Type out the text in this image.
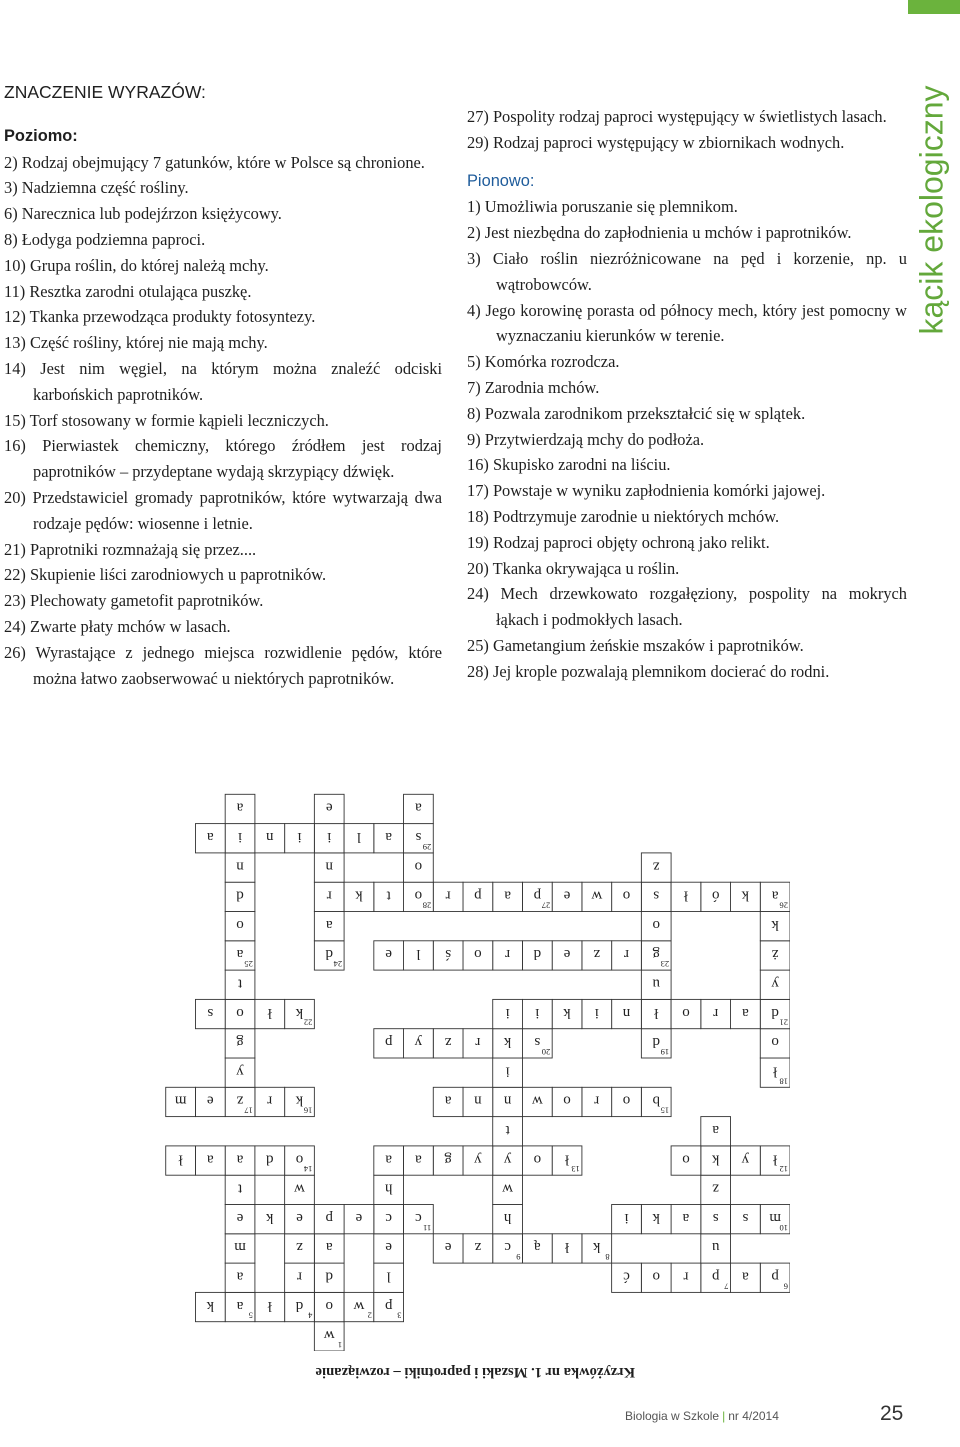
kącik ekologiczny
ZNACZENIE WYRAZÓW:
Poziomo:

2) Rodzaj obejmujący 7 gatunków, które w Polsce są chronione.

3) Nadziemna część rośliny.

6) Narecznica lub podejźrzon księżycowy.

8) Łodyga podziemna paproci.

10) Grupa roślin, do której należą mchy.

11) Resztka zarodni otulająca puszkę.

12) Tkanka przewodząca produkty fotosyntezy.

13) Część rośliny, której nie mają mchy.

14) Jest nim węgiel, na którym można znaleźć odciski karbońskich paprotników.

15) Torf stosowany w formie kąpieli leczniczych.

16) Pierwiastek chemiczny, którego źródłem jest rodzaj paprotników – przydeptane wydają skrzypiący dźwięk.

20) Przedstawiciel gromady paprotników, które wytwarzają dwa rodzaje pędów: wiosenne i letnie.

21) Paprotniki rozmnażają się przez....

22) Skupienie liści zarodniowych u paprotników.

23) Plechowaty gametofit paprotników.

24) Zwarte płaty mchów w lasach.

26) Wyrastające z jednego miejsca rozwidlenie pędów, które można łatwo zaobserwować u niektórych paprotników.

27) Pospolity rodzaj paproci występujący w świetlistych lasach.

29) Rodzaj paproci występujący w zbiornikach wodnych.

Pionowo:

1) Umożliwia poruszanie się plemnikom.

2) Jest niezbędna do zapłodnienia u mchów i paprotników.

3) Ciało roślin niezróżnicowane na pęd i korzenie, np. u wątrobowców.

4) Jego korowinę porasta od północy mech, który jest pomocny w wyznaczaniu kierunków w terenie.

5) Komórka rozrodcza.

7) Zarodnia mchów.

8) Pozwala zarodnikom przekształcić się w splątek.

9) Przytwierdzają mchy do podłoża.

16) Skupisko zarodni na liściu.

17) Powstaje w wyniku zapłodnienia komórki jajowej.

18) Podtrzymuje zarodnie u niektórych mchów.

19) Rodzaj paproci objęty ochroną jako relikt.

20) Tkanka okrywająca u roślin.

24) Mech drzewkowato rozgałęziony, pospolity na mokrych łąkach i podmokłych lasach.

25) Gametangium żeńskie mszaków i paprotników.

28) Jej krople pozwalają plemnikom docierać do rodni.

w
1
o
d
a
w
2
d
4
ł
a
5
k	p
3
l
e
c
h
a
r
z
e
w
o
14
a
m
e
t
a
p
6
a
p
7
r
o
ć
u
s
z
k
a
k
8
ł
ą
c
9
z
e
h
w
y
t
n
i
k
i
m
10
s
a
k
i
c
11
e
p
k
ł
12
y
o
ł
13
o
y
g
a
d
a
ł
b
15
o
r
o
w
n
a
k
16
r
z
17
e
m
y
g
o
t
a
25
ł
18
o
d
21
y
ż
k
a
26
d
19
ł
u
g
23
o
s
z
s
20
r
z
y
p
a
r
o
n
i
k
i
k
22
ł
s
r
z
e
d
r
o
ś
l
e
d
24
a
r
n
i
e
o
d
n
i
a
k
ó
ł
o
w
e
p
27
a
p
r
o
28
t
k
o
s
29
a
a
l
i
n
a
Krzyżówka nr 1. Mszaki i paprotniki – rozwiązanie
Biologia w Szkole | nr 4/2014	25
